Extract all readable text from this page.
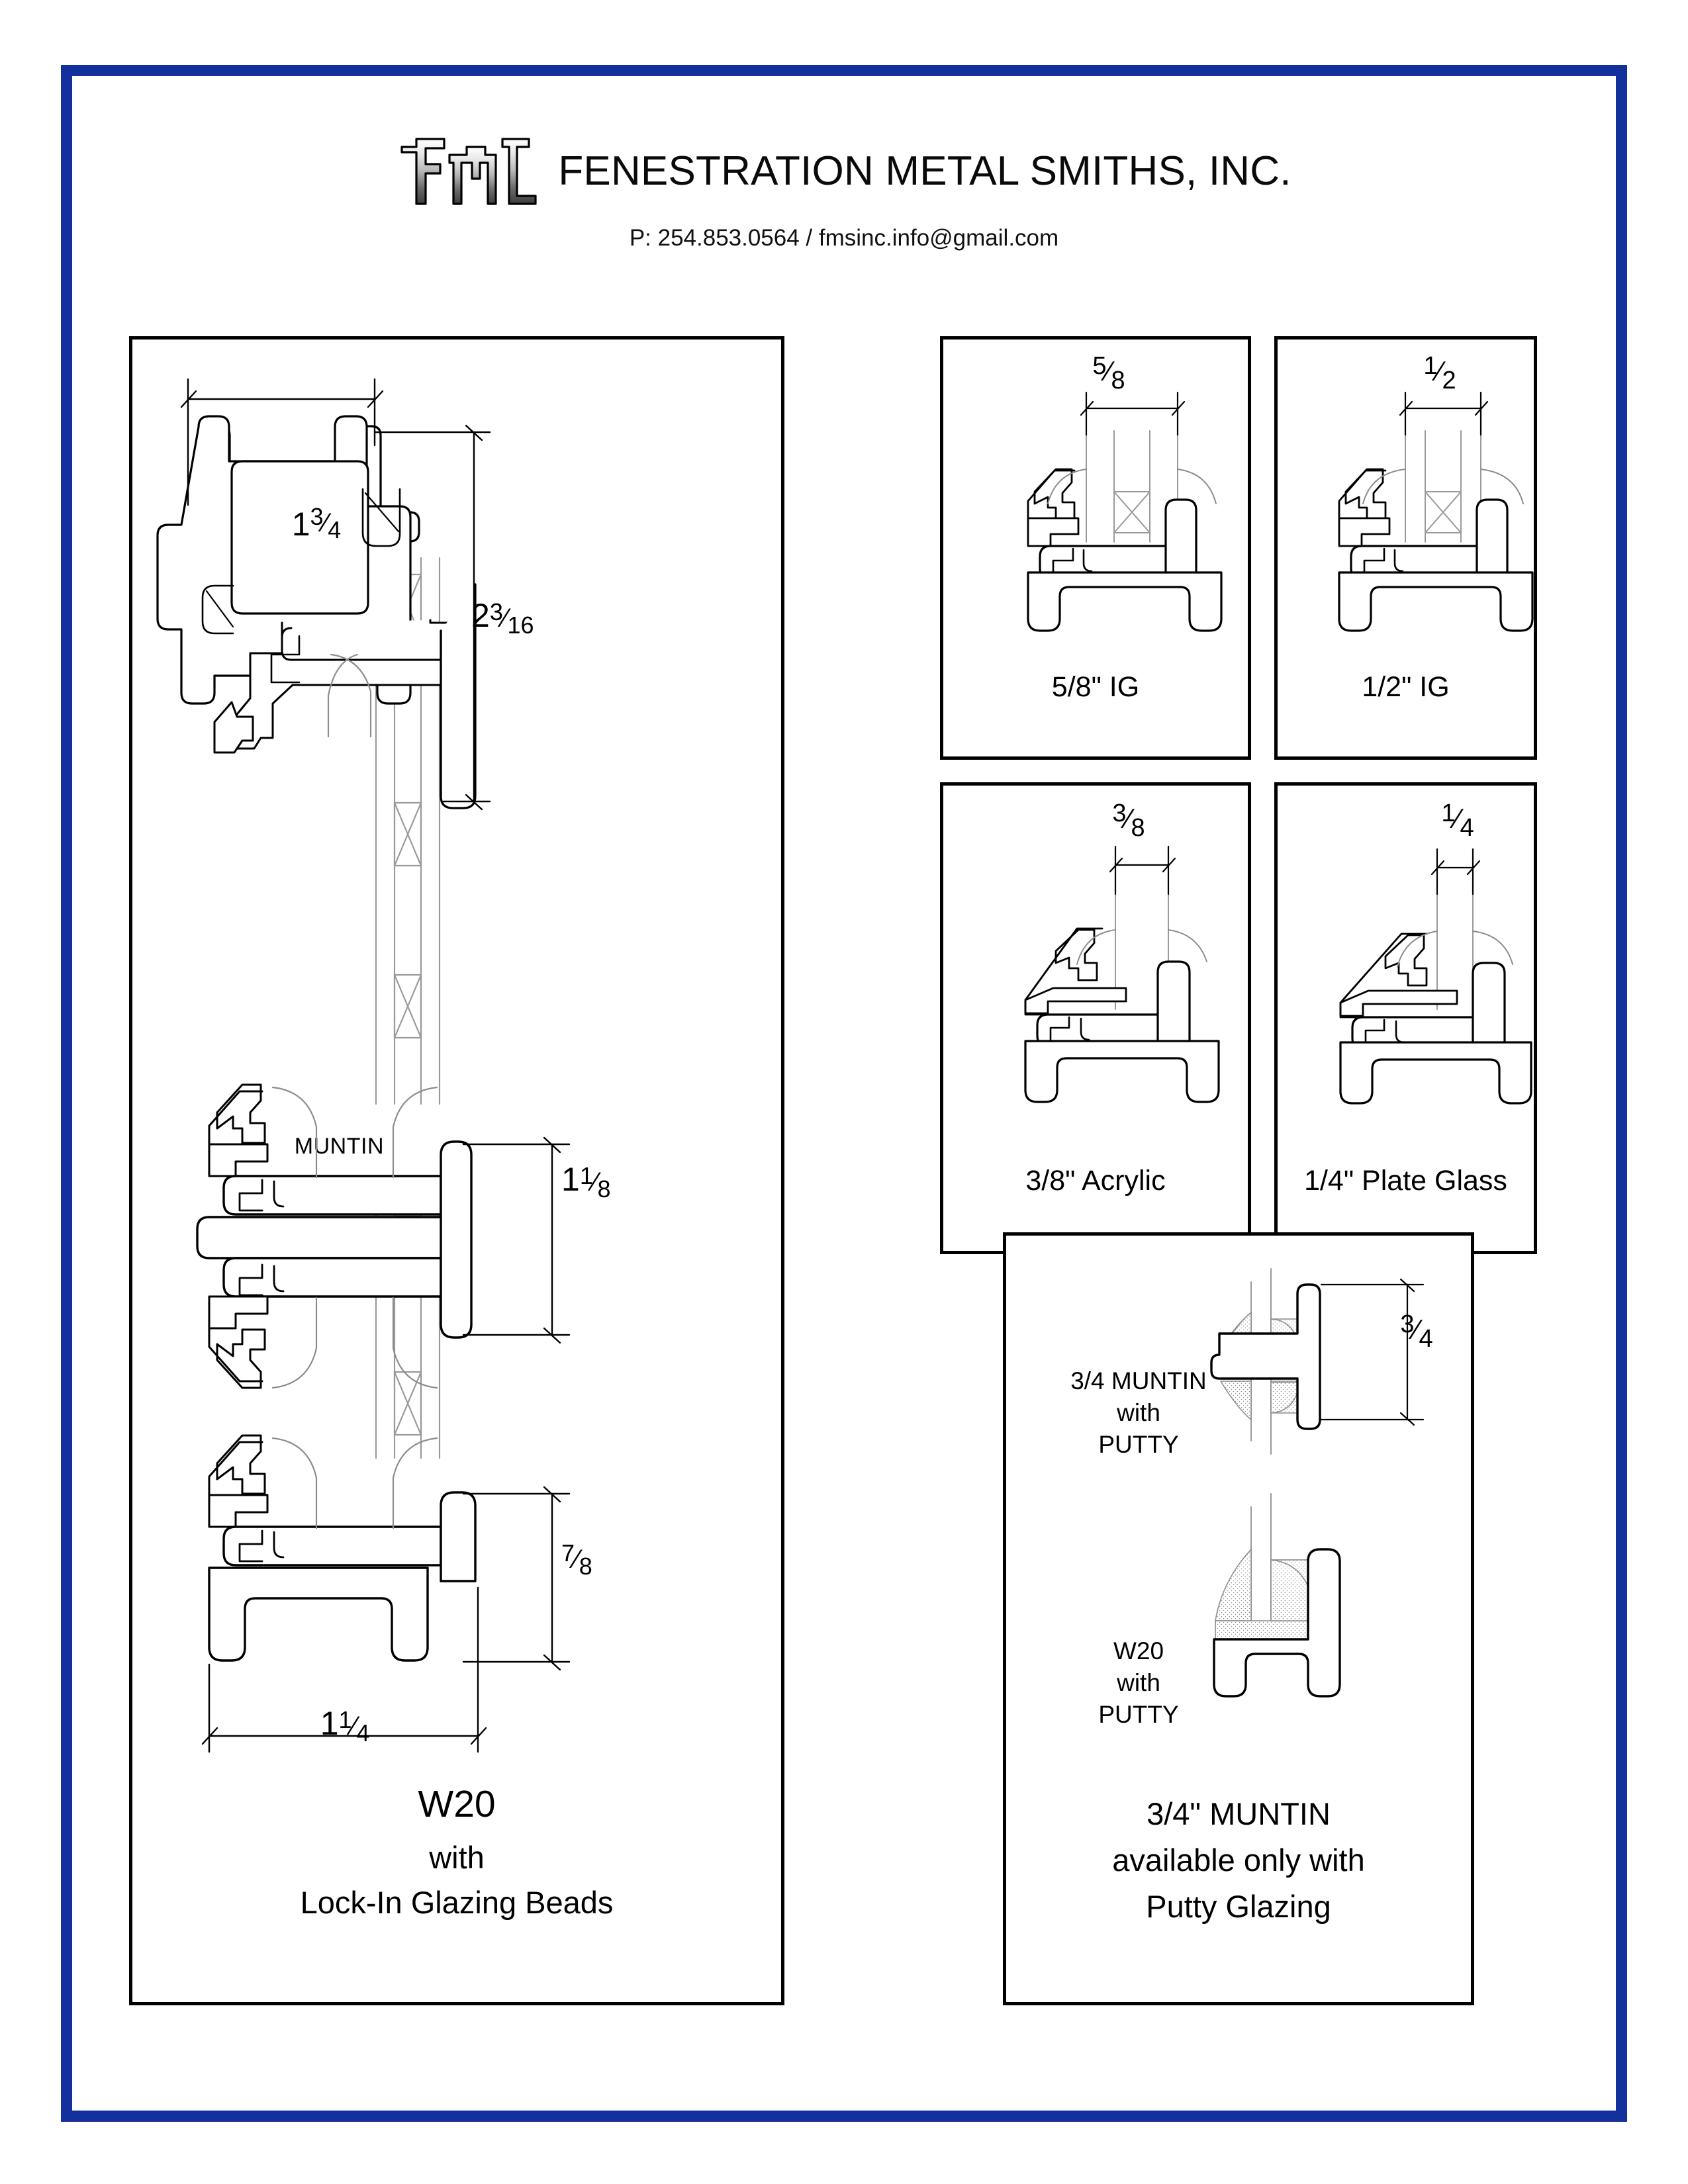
FENESTRATION METAL SMITHS, INC.
P: 254.853.0564 / fmsinc.info@gmail.com
MUNTIN
$1^3⁄_4$
$2^3⁄_{16}$
$1^1⁄_8$
$^7⁄_8$
$1^1⁄_4$
W20
with
Lock-In Glazing Beads
5⁄8
5/8" IG
1⁄2
1/2" IG
3⁄8
3/8" Acrylic
1⁄4
1/4" Plate Glass
3/4 MUNTIN
with
PUTTY
W20
with
PUTTY
3⁄4
3/4" MUNTIN
available only with
Putty Glazing
